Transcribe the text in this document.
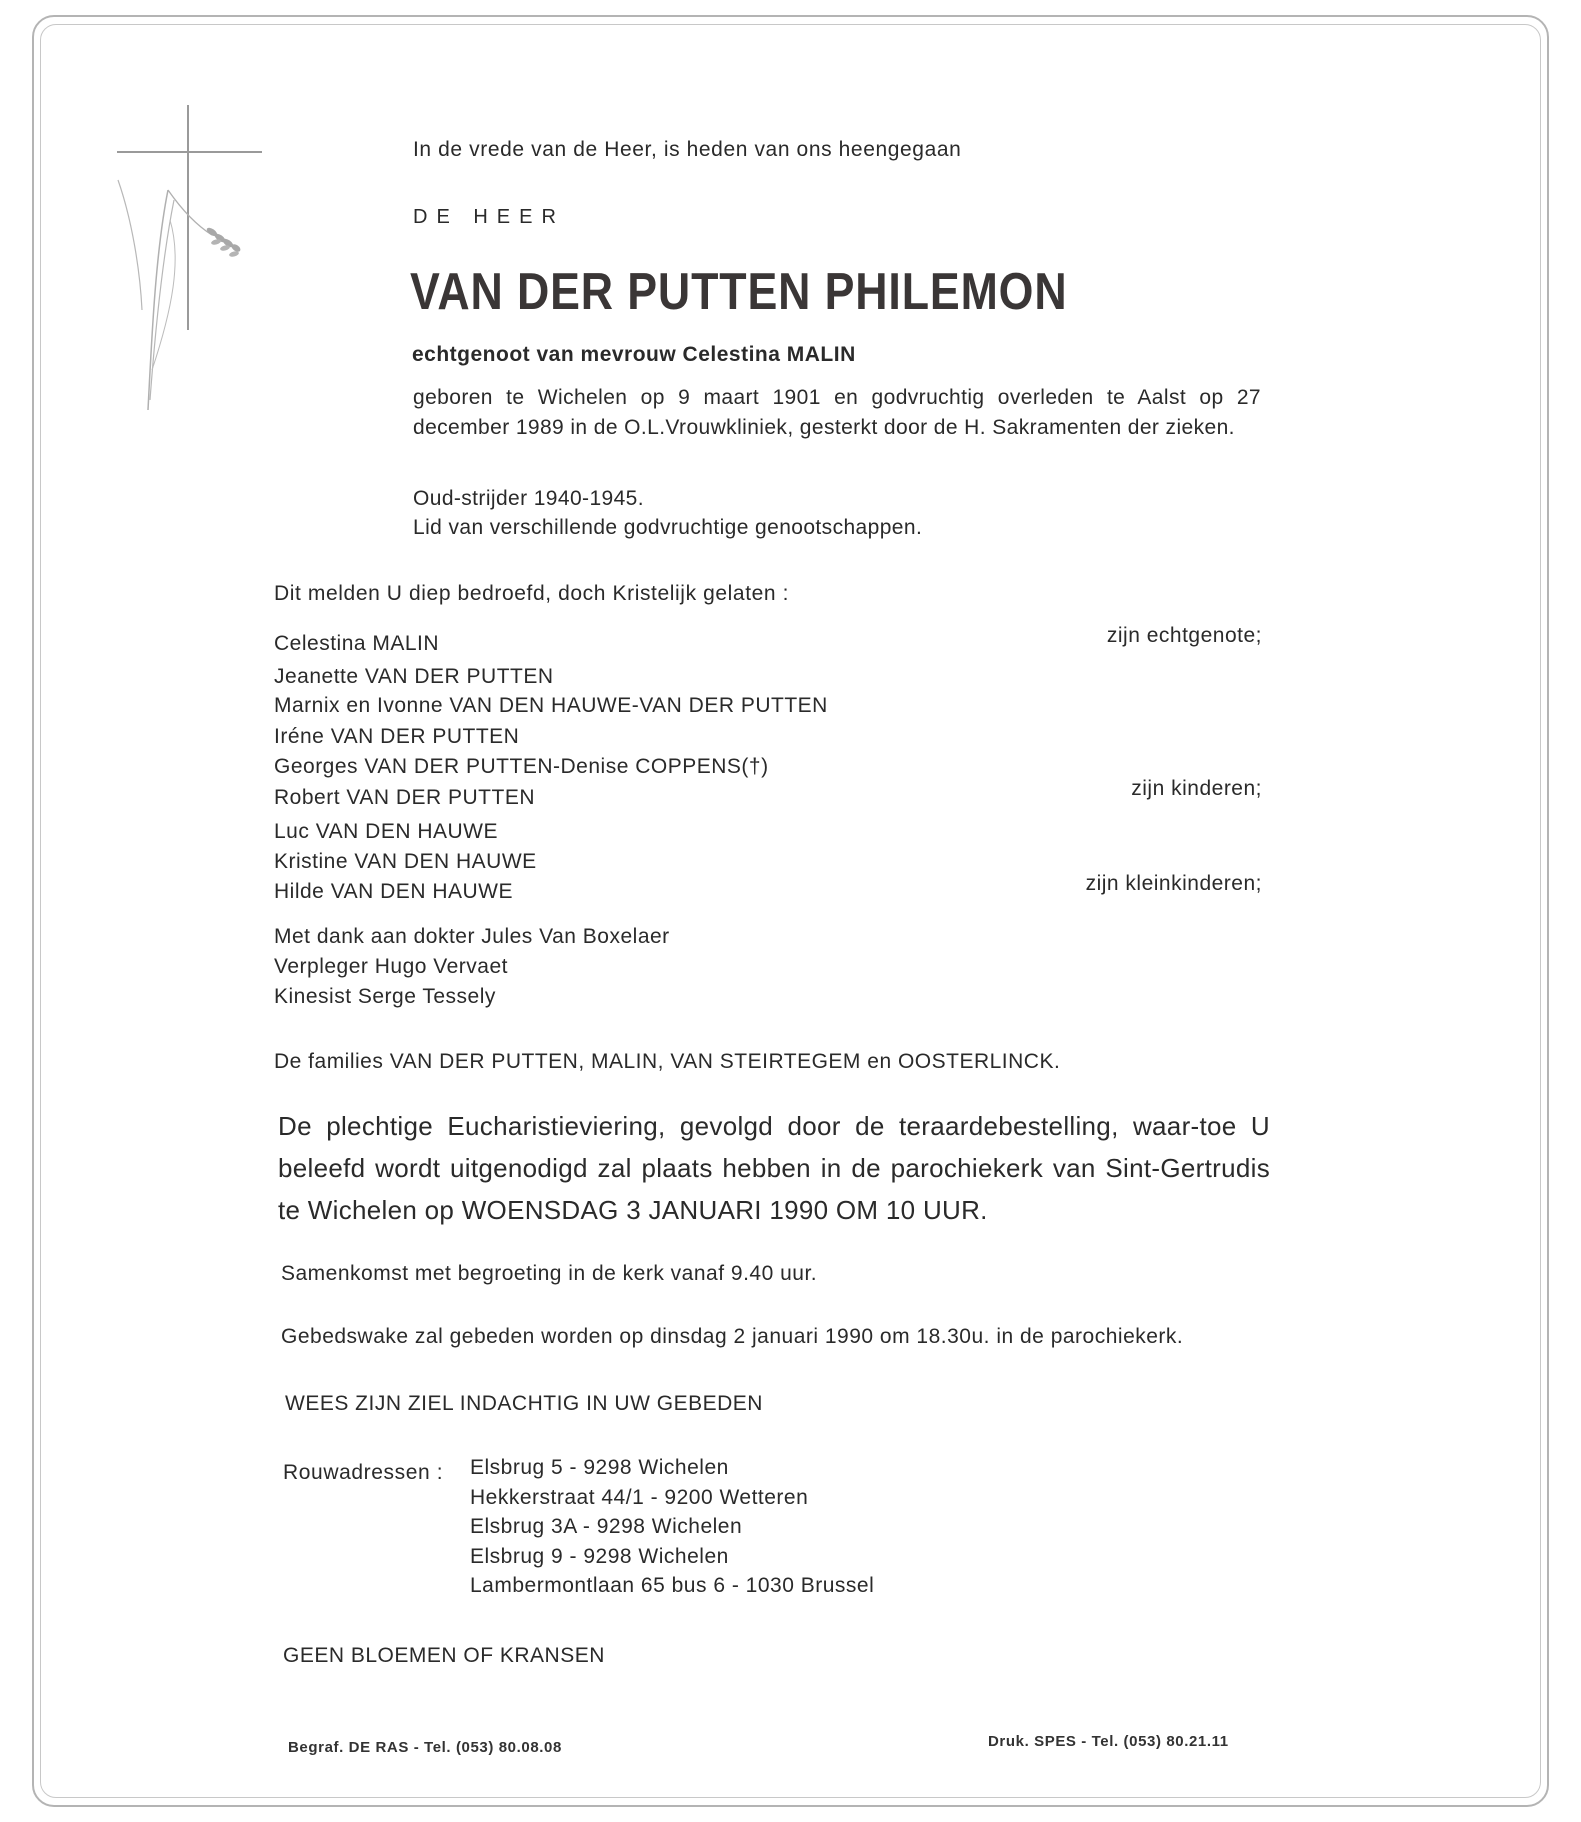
In de vrede van de Heer, is heden van ons heengegaan
DE HEER
VAN DER PUTTEN PHILEMON
echtgenoot van mevrouw Celestina MALIN
geboren te Wichelen op 9 maart 1901 en godvruchtig overleden te Aalst op 27 december 1989 in de O.L.Vrouwkliniek, gesterkt door de H. Sakramenten der zieken.
Oud-strijder 1940-1945.
Lid van verschillende godvruchtige genootschappen.
Dit melden U diep bedroefd, doch Kristelijk gelaten :
Celestina MALIN	zijn echtgenote;
Jeanette VAN DER PUTTEN
Marnix en Ivonne VAN DEN HAUWE-VAN DER PUTTEN
Iréne VAN DER PUTTEN
Georges VAN DER PUTTEN-Denise COPPENS(†)
Robert VAN DER PUTTEN	zijn kinderen;
Luc VAN DEN HAUWE
Kristine VAN DEN HAUWE
Hilde VAN DEN HAUWE	zijn kleinkinderen;
Met dank aan dokter Jules Van Boxelaer
Verpleger Hugo Vervaet
Kinesist Serge Tessely
De families VAN DER PUTTEN, MALIN, VAN STEIRTEGEM en OOSTERLINCK.
De plechtige Eucharistieviering, gevolgd door de teraardebestelling, waar-toe U beleefd wordt uitgenodigd zal plaats hebben in de parochiekerk van Sint-Gertrudis te Wichelen op WOENSDAG 3 JANUARI 1990 OM 10 UUR.
Samenkomst met begroeting in de kerk vanaf 9.40 uur.
Gebedswake zal gebeden worden op dinsdag 2 januari 1990 om 18.30u. in de parochiekerk.
WEES ZIJN ZIEL INDACHTIG IN UW GEBEDEN
Rouwadressen : Elsbrug 5 - 9298 Wichelen
Hekkerstraat 44/1 - 9200 Wetteren
Elsbrug 3A - 9298 Wichelen
Elsbrug 9 - 9298 Wichelen
Lambermontlaan 65 bus 6 - 1030 Brussel
GEEN BLOEMEN OF KRANSEN
Begraf. DE RAS - Tel. (053) 80.08.08	Druk. SPES - Tel. (053) 80.21.11
